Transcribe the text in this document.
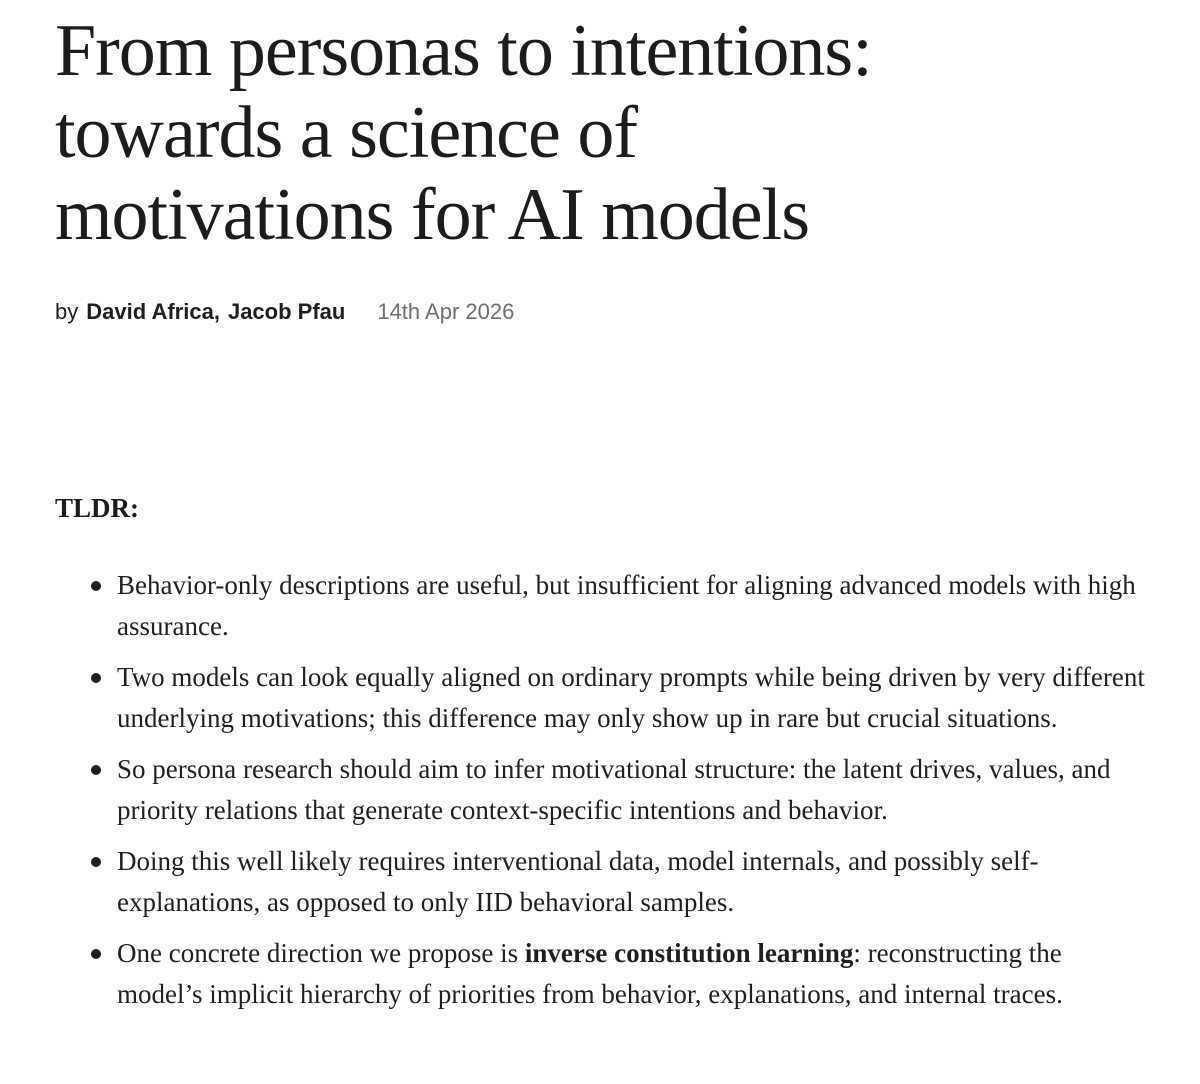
From personas to intentions: towards a science of motivations for AI models
by David Africa , Jacob Pfau 14th Apr 2026
TLDR:
Behavior-only descriptions are useful, but insufficient for aligning advanced models with high assurance.
Two models can look equally aligned on ordinary prompts while being driven by very different underlying motivations; this difference may only show up in rare but crucial situations.
So persona research should aim to infer motivational structure: the latent drives, values, and priority relations that generate context-specific intentions and behavior.
Doing this well likely requires interventional data, model internals, and possibly self-explanations, as opposed to only IID behavioral samples.
One concrete direction we propose is inverse constitution learning: reconstructing the model’s implicit hierarchy of priorities from behavior, explanations, and internal traces.
